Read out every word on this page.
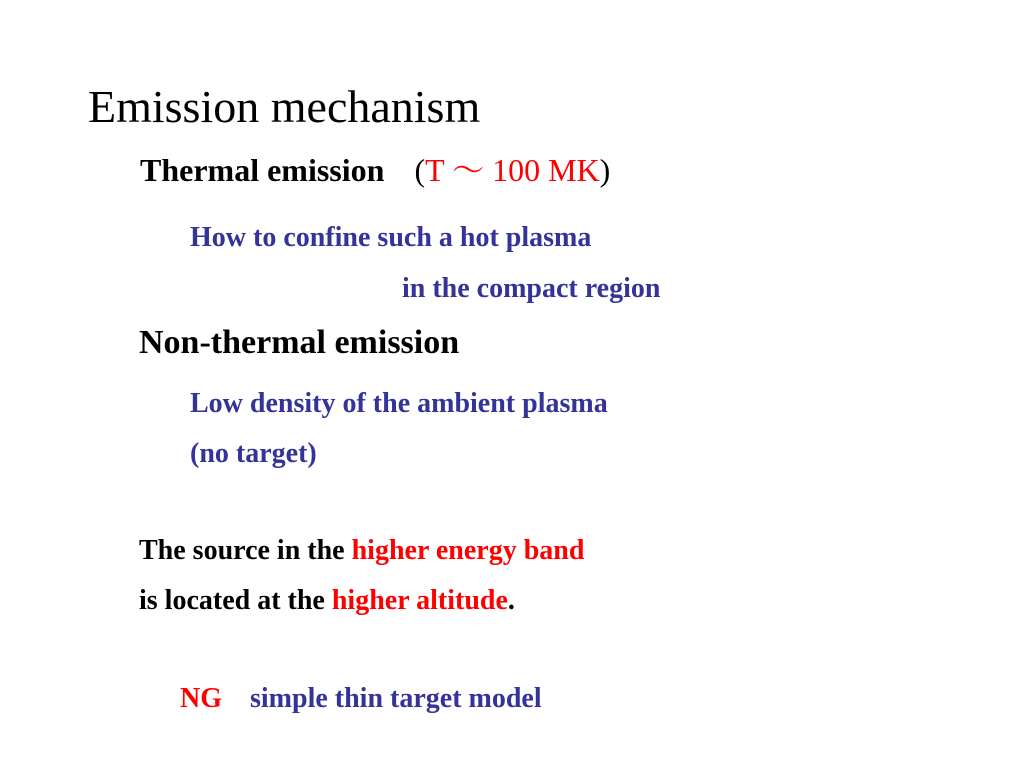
Emission mechanism
Thermal emission (T ～ 100 MK)
How to confine such a hot plasma
in the compact region
Non-thermal emission
Low density of the ambient plasma
(no target)
The source in the higher energy band
is located at the higher altitude.
NG simple thin target model
